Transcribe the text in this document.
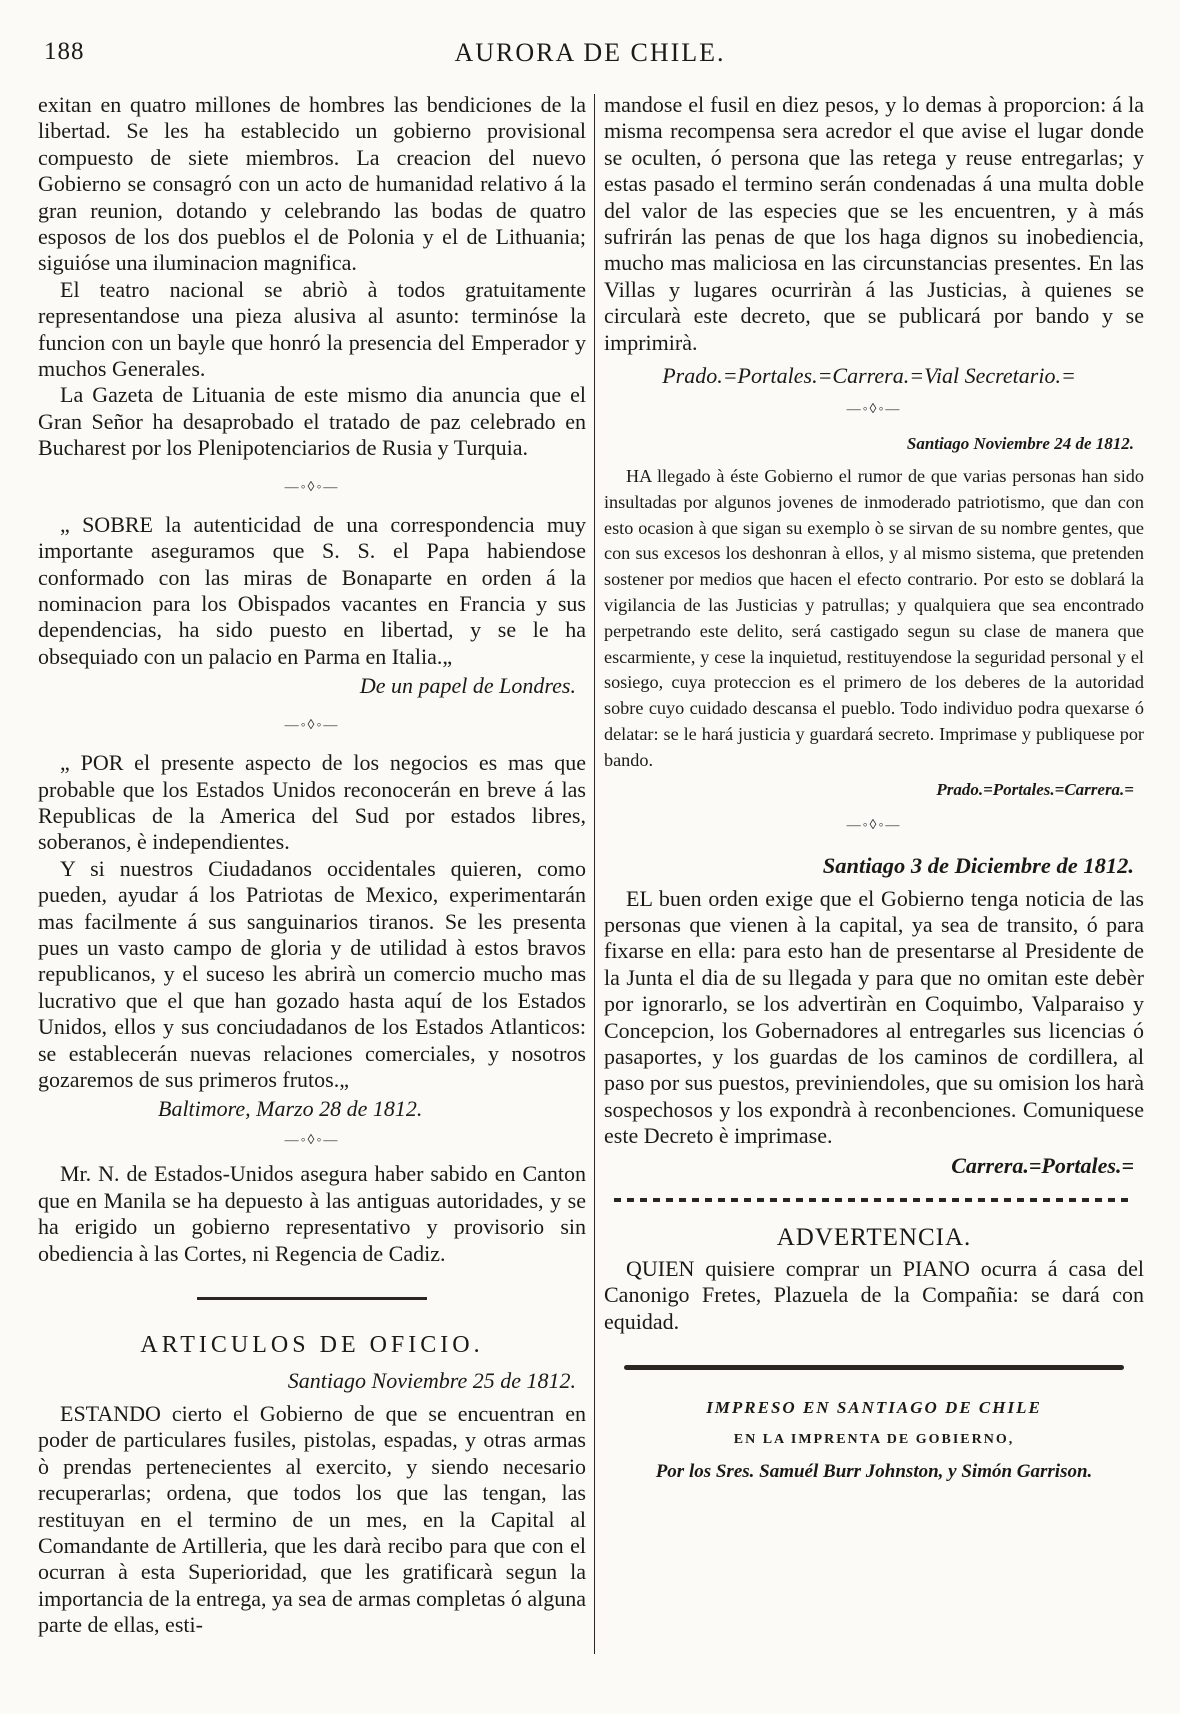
188	AURORA DE CHILE.

exitan en quatro millones de hombres las bendiciones de la libertad. Se les ha establecido un gobierno provisional compuesto de siete miembros. La creacion del nuevo Gobierno se consagró con un acto de humanidad relativo á la gran reunion, dotando y celebrando las bodas de quatro esposos de los dos pueblos el de Polonia y el de Lithuania; siguióse una iluminacion magnifica.

El teatro nacional se abriò à todos gratuitamente representandose una pieza alusiva al asunto: terminóse la funcion con un bayle que honró la presencia del Emperador y muchos Generales.

La Gazeta de Lituania de este mismo dia anuncia que el Gran Señor ha desaprobado el tratado de paz celebrado en Bucharest por los Plenipotenciarios de Rusia y Turquia.

—◦◊◦—

„ SOBRE la autenticidad de una correspondencia muy importante aseguramos que S. S. el Papa habiendose conformado con las miras de Bonaparte en orden á la nominacion para los Obispados vacantes en Francia y sus dependencias, ha sido puesto en libertad, y se le ha obsequiado con un palacio en Parma en Italia.„

De un papel de Londres.
—◦◊◦—

„ POR el presente aspecto de los negocios es mas que probable que los Estados Unidos reconocerán en breve á las Republicas de la America del Sud por estados libres, soberanos, è independientes.

Y si nuestros Ciudadanos occidentales quieren, como pueden, ayudar á los Patriotas de Mexico, experimentarán mas facilmente á sus sanguinarios tiranos. Se les presenta pues un vasto campo de gloria y de utilidad à estos bravos republicanos, y el suceso les abrirà un comercio mucho mas lucrativo que el que han gozado hasta aquí de los Estados Unidos, ellos y sus conciudadanos de los Estados Atlanticos: se establecerán nuevas relaciones comerciales, y nosotros gozaremos de sus primeros frutos.„

Baltimore, Marzo 28 de 1812.
—◦◊◦—

Mr. N. de Estados-Unidos asegura haber sabido en Canton que en Manila se ha depuesto à las antiguas autoridades, y se ha erigido un gobierno representativo y provisorio sin obediencia à las Cortes, ni Regencia de Cadiz.

ARTICULOS DE OFICIO.
Santiago Noviembre 25 de 1812.

ESTANDO cierto el Gobierno de que se encuentran en poder de particulares fusiles, pistolas, espadas, y otras armas ò prendas pertenecientes al exercito, y siendo necesario recuperarlas; ordena, que todos los que las tengan, las restituyan en el termino de un mes, en la Capital al Comandante de Artilleria, que les darà recibo para que con el ocurran à esta Superioridad, que les gratificarà segun la importancia de la entrega, ya sea de armas completas ó alguna parte de ellas, esti-

mandose el fusil en diez pesos, y lo demas à proporcion: á la misma recompensa sera acredor el que avise el lugar donde se oculten, ó persona que las retega y reuse entregarlas; y estas pasado el termino serán condenadas á una multa doble del valor de las especies que se les encuentren, y à más sufrirán las penas de que los haga dignos su inobediencia, mucho mas maliciosa en las circunstancias presentes. En las Villas y lugares ocurriràn á las Justicias, à quienes se circularà este decreto, que se publicará por bando y se imprimirà.

Prado.=Portales.=Carrera.=Vial Secretario.=
—◦◊◦—
Santiago Noviembre 24 de 1812.

HA llegado à éste Gobierno el rumor de que varias personas han sido insultadas por algunos jovenes de inmoderado patriotismo, que dan con esto ocasion à que sigan su exemplo ò se sirvan de su nombre gentes, que con sus excesos los deshonran à ellos, y al mismo sistema, que pretenden sostener por medios que hacen el efecto contrario. Por esto se doblará la vigilancia de las Justicias y patrullas; y qualquiera que sea encontrado perpetrando este delito, será castigado segun su clase de manera que escarmiente, y cese la inquietud, restituyendose la seguridad personal y el sosiego, cuya proteccion es el primero de los deberes de la autoridad sobre cuyo cuidado descansa el pueblo. Todo individuo podra quexarse ó delatar: se le hará justicia y guardará secreto. Imprimase y publiquese por bando.

Prado.=Portales.=Carrera.=
—◦◊◦—
Santiago 3 de Diciembre de 1812.

EL buen orden exige que el Gobierno tenga noticia de las personas que vienen à la capital, ya sea de transito, ó para fixarse en ella: para esto han de presentarse al Presidente de la Junta el dia de su llegada y para que no omitan este debèr por ignorarlo, se los advertiràn en Coquimbo, Valparaiso y Concepcion, los Gobernadores al entregarles sus licencias ó pasaportes, y los guardas de los caminos de cordillera, al paso por sus puestos, previniendoles, que su omision los harà sospechosos y los expondrà à reconbenciones. Comuniquese este Decreto è imprimase.

Carrera.=Portales.=
ADVERTENCIA.

QUIEN quisiere comprar un PIANO ocurra á casa del Canonigo Fretes, Plazuela de la Compañia: se dará con equidad.

IMPRESO EN SANTIAGO DE CHILE
EN LA IMPRENTA DE GOBIERNO,
Por los Sres. Samuél Burr Johnston, y Simón Garrison.
